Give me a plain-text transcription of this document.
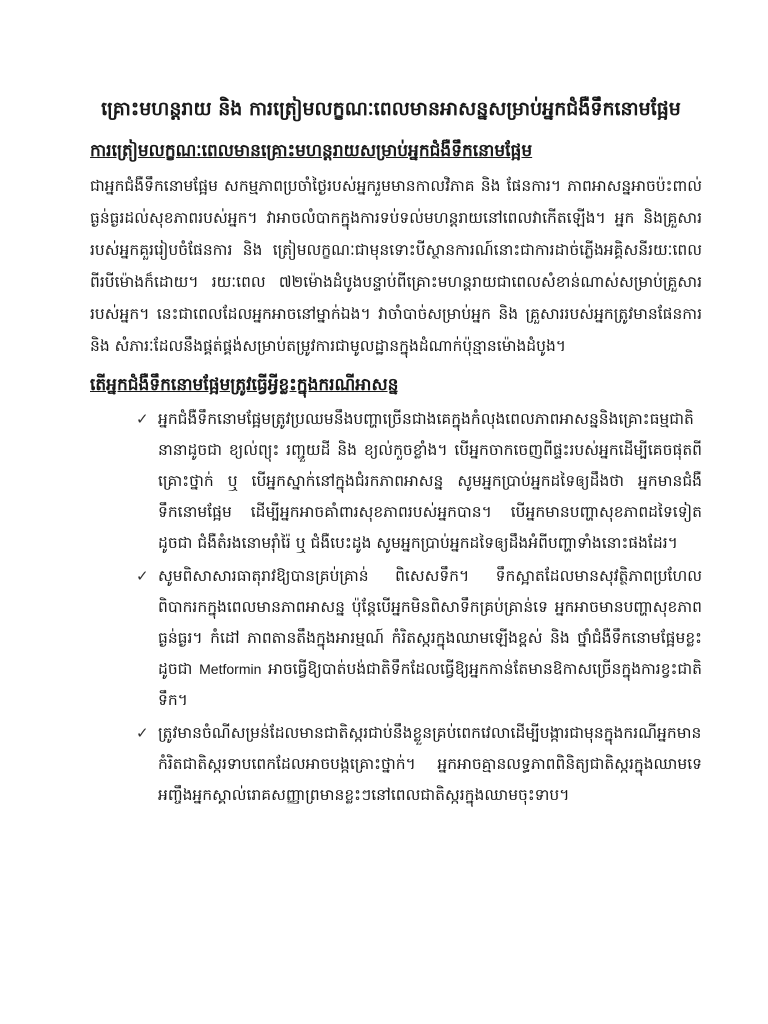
គ្រោះមហន្តរាយ និង ការត្រៀមលក្ខណៈពេលមានអាសន្នសម្រាប់អ្នកជំងឺទឹកនោមផ្អែម
ការត្រៀមលក្ខណៈពេលមានគ្រោះមហន្តរាយសម្រាប់អ្នកជំងឺទឹកនោមផ្អែម

ជាអ្នកជំងឺទឹកនោមផ្អែម សកម្មភាពប្រចាំថ្ងៃរបស់អ្នករួមមានកាលវិភាគ និង ផែនការ។ ភាពអាសន្នអាចប៉ះពាល់ធ្ងន់ធ្ងរដល់សុខភាពរបស់អ្នក។ វាអាចលំបាកក្នុងការទប់ទល់មហន្តរាយនៅពេលវាកើតឡើង។ អ្នក និងគ្រួសាររបស់អ្នកគួររៀបចំផែនការ និង ត្រៀមលក្ខណៈជាមុនទោះបីស្ថានការណ៍នោះជាការដាច់ភ្លើងអគ្គិសនីរយៈពេលពីរបីម៉ោងក៏ដោយ។ រយៈពេល ៧២ម៉ោងដំបូងបន្ទាប់ពីគ្រោះមហន្តរាយជាពេលសំខាន់ណាស់សម្រាប់គ្រួសាររបស់អ្នក។ នេះជាពេលដែលអ្នកអាចនៅម្នាក់ឯង។ វាចាំបាច់សម្រាប់អ្នក និង គ្រួសាររបស់អ្នកត្រូវមានផែនការ និង សំភារៈដែលនឹងផ្គត់ផ្គង់សម្រាប់តម្រូវការជាមូលដ្ឋានក្នុងដំណាក់ប៉ុន្មានម៉ោងដំបូង។

តើអ្នកជំងឺទឹកនោមផ្អែមត្រូវធ្វើអ្វីខ្លះក្នុងករណីអាសន្ន
✓ អ្នកជំងឺទឹកនោមផ្អែមត្រូវប្រឈមនឹងបញ្ហាច្រើនជាងគេក្នុងកំលុងពេលភាពអាសន្ននិងគ្រោះធម្មជាតិនានាដូចជា ខ្យល់ព្យុះ រញ្ជួយដី និង ខ្យល់កួចខ្លាំង។ បើអ្នកចាកចេញពីផ្ទះរបស់អ្នកដើម្បីគេចផុតពីគ្រោះថ្នាក់ ឬ បើអ្នកស្នាក់នៅក្នុងជំរកភាពអាសន្ន សូមអ្នកប្រាប់អ្នកដទៃឲ្យដឹងថា អ្នកមានជំងឺទឹកនោមផ្អែម ដើម្បីអ្នកអាចគាំពារសុខភាពរបស់អ្នកបាន។ បើអ្នកមានបញ្ហាសុខភាពដទៃទៀត ដូចជា ជំងឺតំរងនោមរ៉ាំរ៉ៃ ឬ ជំងឺបេះដូង សូមអ្នកប្រាប់អ្នកដទៃឲ្យដឹងអំពីបញ្ហាទាំងនោះផងដែរ។
✓ សូមពិសាសារធាតុរាវឱ្យបានគ្រប់គ្រាន់ ពិសេសទឹក។ ទឹកស្អាតដែលមានសុវត្ថិភាពប្រហែលពិបាករកក្នុងពេលមានភាពអាសន្ន ប៉ុន្តែបើអ្នកមិនពិសាទឹកគ្រប់គ្រាន់ទេ អ្នកអាចមានបញ្ហាសុខភាពធ្ងន់ធ្ងរ។ កំដៅ ភាពតានតឹងក្នុងអារម្មណ៍ កំរិតស្ករក្នុងឈាមឡើងខ្ពស់ និង ថ្នាំជំងឺទឹកនោមផ្អែមខ្លះ ដូចជា Metformin អាចធ្វើឱ្យបាត់បង់ជាតិទឹកដែលធ្វើឱ្យអ្នកកាន់តែមានឱកាសច្រើនក្នុងការខ្វះជាតិទឹក។
✓ ត្រូវមានចំណីសម្រន់ដែលមានជាតិស្ករជាប់នឹងខ្លួនគ្រប់ពេកវេលាដើម្បីបង្ការជាមុនក្នុងករណីអ្នកមានកំរិតជាតិស្ករទាបពេកដែលអាចបង្កគ្រោះថ្នាក់។ អ្នកអាចគ្មានលទ្ធភាពពិនិត្យជាតិស្ករក្នុងឈាមទេ អញ្ចឹងអ្នកស្គាល់រោគសញ្ញាព្រមានខ្លះៗនៅពេលជាតិស្ករក្នុងឈាមចុះទាប។
